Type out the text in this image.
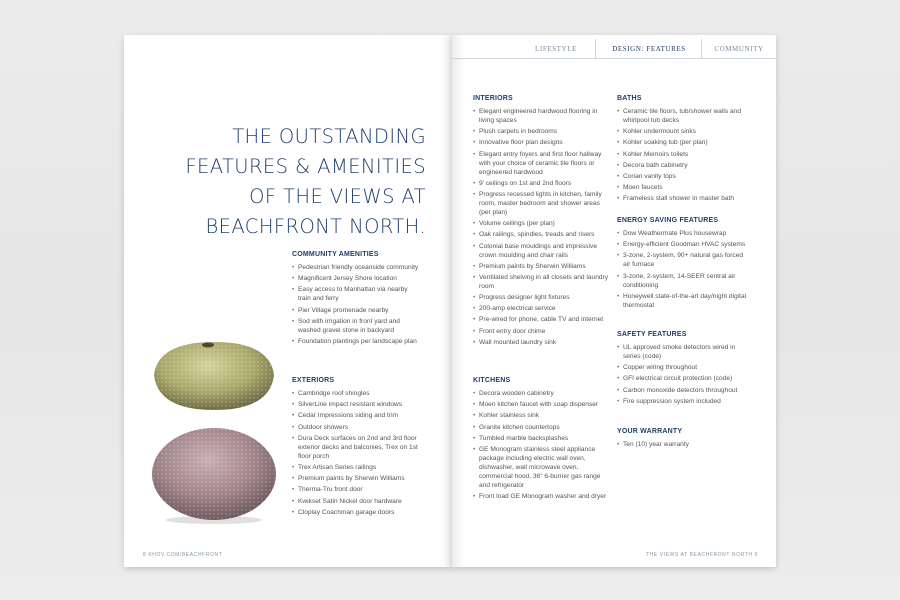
LIFESTYLE	DESIGN: FEATURES	COMMUNITY
THE OUTSTANDING
FEATURES & AMENITIES
OF THE VIEWS AT
BEACHFRONT NORTH.
COMMUNITY AMENITIES
• Pedestrian friendly oceanside community
• Magnificent Jersey Shore location
• Easy access to Manhattan via nearby train and ferry
• Pier Village promenade nearby
• Sod with irrigation in front yard and washed gravel stone in backyard
• Foundation plantings per landscape plan
EXTERIORS
• Cambridge roof shingles
• SilverLine impact resistant windows
• Cedar Impressions siding and trim
• Outdoor showers
• Dura Deck surfaces on 2nd and 3rd floor exterior decks and balconies, Trex on 1st floor porch
• Trex Artisan Series railings
• Premium paints by Sherwin Williams
• Therma-Tru front door
• Kwikset Satin Nickel door hardware
• Cloplay Coachman garage doors
INTERIORS
• Elegant engineered hardwood flooring in living spaces
• Plush carpets in bedrooms
• Innovative floor plan designs
• Elegant entry foyers and first floor hallway with your choice of ceramic tile floors or engineered hardwood
• 9' ceilings on 1st and 2nd floors
• Progress recessed lights in kitchen, family room, master bedroom and shower areas (per plan)
• Volume ceilings (per plan)
• Oak railings, spindles, treads and risers
• Colonial base mouldings and impressive crown moulding and chair rails
• Premium paints by Sherwin Williams
• Ventilated shelving in all closets and laundry room
• Progress designer light fixtures
• 200-amp electrical service
• Pre-wired for phone, cable TV and internet
• Front entry door chime
• Wall mounted laundry sink
KITCHENS
• Decora wooden cabinetry
• Moen kitchen faucet with soap dispenser
• Kohler stainless sink
• Granite kitchen countertops
• Tumbled marble backsplashes
• GE Monogram stainless steel appliance package including electric wall oven, dishwasher, wall microwave oven, commercial hood, 36" 6-burner gas range and refrigerator
• Front load GE Monogram washer and dryer
BATHS
• Ceramic tile floors, tub/shower walls and whirlpool tub decks
• Kohler undermount sinks
• Kohler soaking tub (per plan)
• Kohler Memoirs toilets
• Decora bath cabinetry
• Corian vanity tops
• Moen faucets
• Frameless stall shower in master bath
ENERGY SAVING FEATURES
• Dow Weathermate Plus housewrap
• Energy-efficient Goodman HVAC systems
• 3-zone, 2-system, 90+ natural gas forced air furnace
• 3-zone, 2-system, 14-SEER central air conditioning
• Honeywell state-of-the-art day/night digital thermostat
SAFETY FEATURES
• UL approved smoke detectors wired in series (code)
• Copper wiring throughout
• GFI electrical circuit protection (code)
• Carbon monoxide detectors throughout
• Fire suppression system included
YOUR WARRANTY
• Ten (10) year warranty
8 KHOV.COM/BEACHFRONT	THE VIEWS AT BEACHFRONT NORTH 9
